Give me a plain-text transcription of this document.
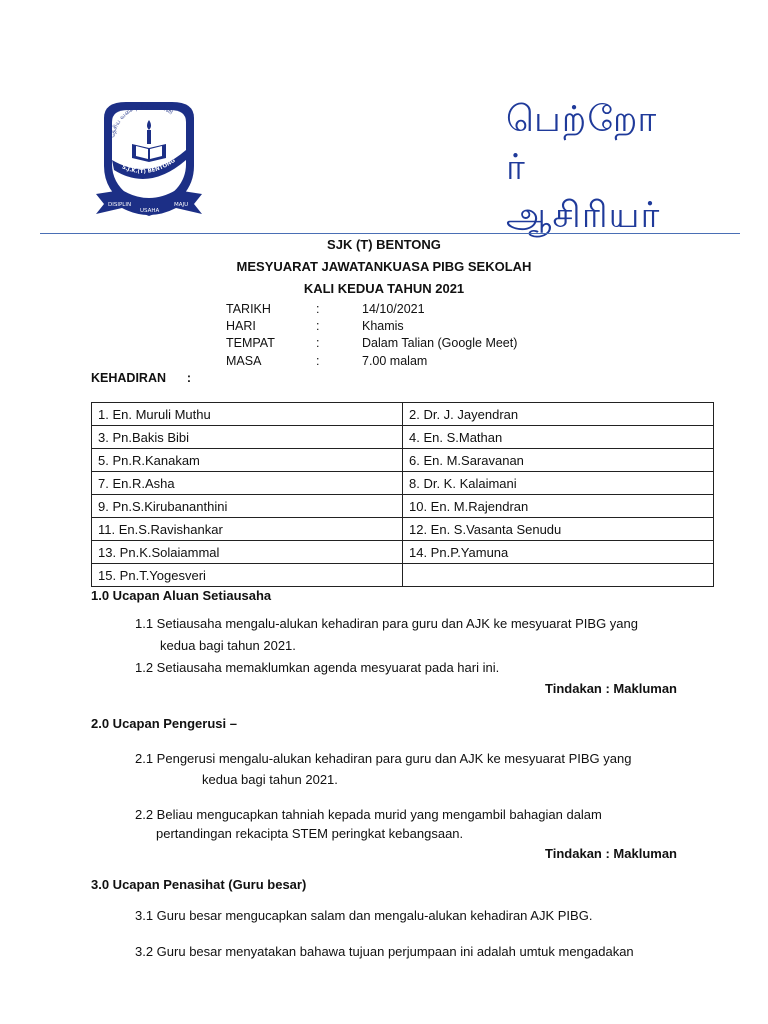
தேசிய வகை தமிழ்ப் பள்ளி
S.J.K.(T) BENTONG
DISIPLIN
USAHA
MAJU
பெற்றோ
ர்
ஆசிரியர்
SJK (T) BENTONG
MESYUARAT JAWATANKUASA PIBG SEKOLAH
KALI KEDUA TAHUN 2021
TARIKH	:	14/10/2021
HARI	:	Khamis
TEMPAT	:	Dalam Talian (Google Meet)
MASA	:	7.00 malam
KEHADIRAN      :
1. En. Muruli Muthu	2. Dr. J. Jayendran
3. Pn.Bakis Bibi	4. En. S.Mathan
5. Pn.R.Kanakam	6. En. M.Saravanan
7. En.R.Asha	8. Dr. K. Kalaimani
9. Pn.S.Kirubananthini	10. En. M.Rajendran
11. En.S.Ravishankar	12. En. S.Vasanta Senudu
13. Pn.K.Solaiammal	14. Pn.P.Yamuna
15. Pn.T.Yogesveri	
1.0 Ucapan Aluan Setiausaha
1.1 Setiausaha mengalu-alukan kehadiran para guru dan AJK ke mesyuarat PIBG yang
kedua bagi tahun 2021.
1.2 Setiausaha memaklumkan agenda mesyuarat pada hari ini.
Tindakan : Makluman
2.0 Ucapan Pengerusi –
2.1 Pengerusi mengalu-alukan kehadiran para guru dan AJK ke mesyuarat PIBG yang
kedua bagi tahun 2021.
2.2 Beliau mengucapkan tahniah kepada murid yang mengambil bahagian dalam
pertandingan rekacipta STEM peringkat kebangsaan.
Tindakan : Makluman
3.0 Ucapan Penasihat (Guru besar)
3.1 Guru besar mengucapkan salam dan mengalu-alukan kehadiran AJK PIBG.
3.2 Guru besar menyatakan bahawa tujuan perjumpaan ini adalah umtuk mengadakan
